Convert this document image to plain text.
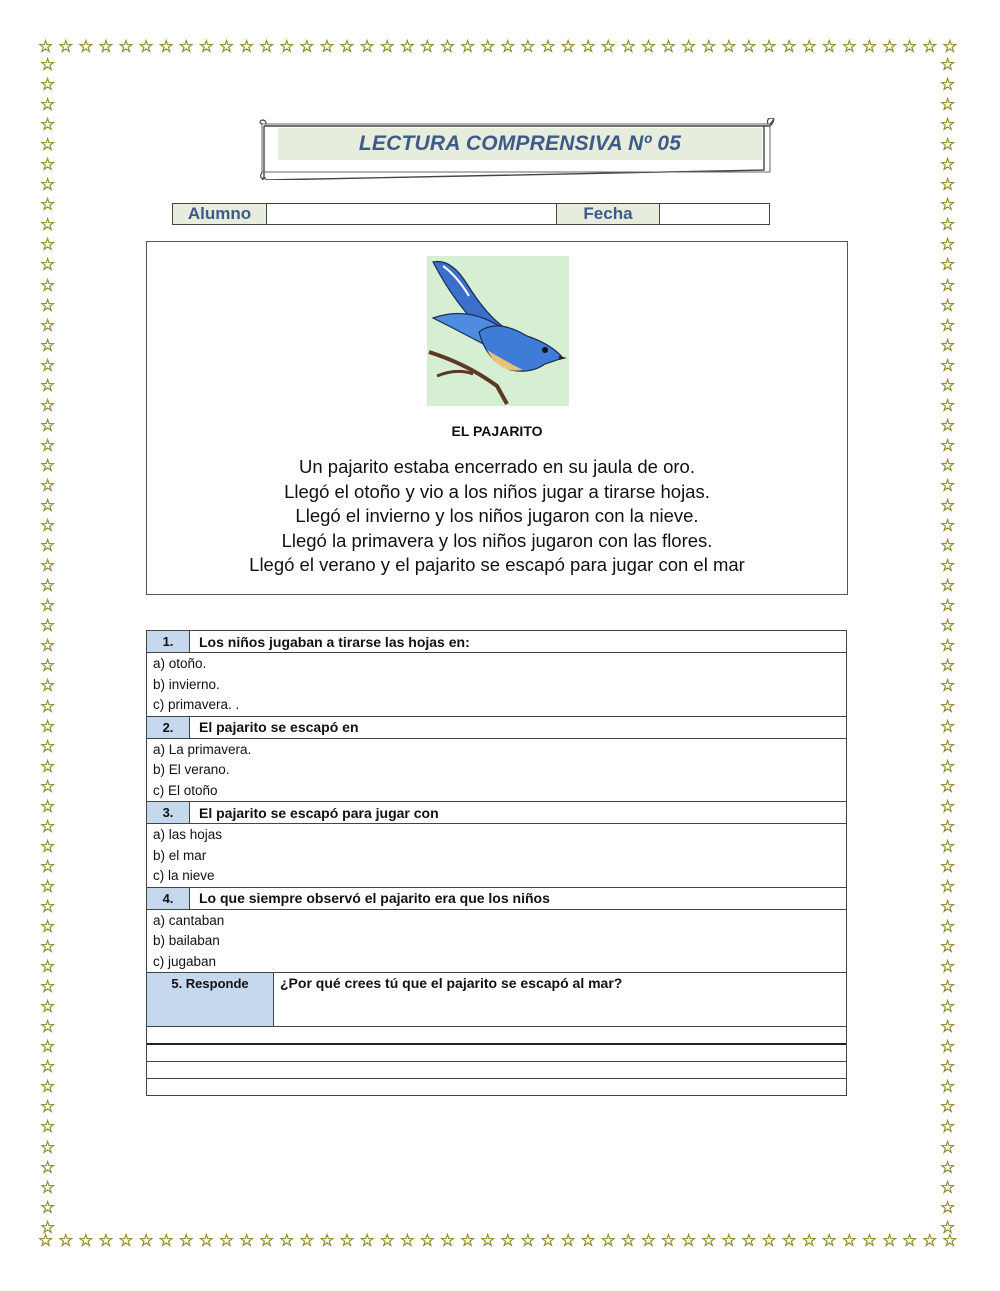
☆ ☆ ☆ ☆ ☆ ☆ ☆ ☆ ☆ ☆ ☆ ☆ ☆ ☆ ☆ ☆ ☆ ☆ ☆ ☆ ☆ ☆ ☆ ☆ ☆ ☆ ☆ ☆ ☆ ☆ ☆ ☆ ☆ ☆ ☆ ☆ ☆ ☆ ☆ ☆ ☆ ☆ ☆ ☆ ☆ ☆
☆ ☆ ☆ ☆ ☆ ☆ ☆ ☆ ☆ ☆ ☆ ☆ ☆ ☆ ☆ ☆ ☆ ☆ ☆ ☆ ☆ ☆ ☆ ☆ ☆ ☆ ☆ ☆ ☆ ☆ ☆ ☆ ☆ ☆ ☆ ☆ ☆ ☆ ☆ ☆ ☆ ☆ ☆ ☆ ☆ ☆
☆
☆
☆
☆
☆
☆
☆
☆
☆
☆
☆
☆
☆
☆
☆
☆
☆
☆
☆
☆
☆
☆
☆
☆
☆
☆
☆
☆
☆
☆
☆
☆
☆
☆
☆
☆
☆
☆
☆
☆
☆
☆
☆
☆
☆
☆
☆
☆
☆
☆
☆
☆
☆
☆
☆
☆
☆
☆
☆
☆
☆
☆
☆
☆
☆
☆
☆
☆
☆
☆
☆
☆
☆
☆
☆
☆
☆
☆
☆
☆
☆
☆
☆
☆
☆
☆
☆
☆
☆
☆
☆
☆
☆
☆
☆
☆
☆
☆
☆
☆
☆
☆
☆
☆
☆
☆
☆
☆
☆
☆
☆
☆
☆
☆
☆
☆
☆
☆
LECTURA COMPRENSIVA Nº 05
Alumno	Fecha
EL PAJARITO
Un pajarito estaba encerrado en su jaula de oro.
Llegó el otoño y vio a los niños jugar a tirarse hojas.
Llegó el invierno y los niños jugaron con la nieve.
Llegó la primavera y los niños jugaron con las flores.
Llegó el verano y el pajarito se escapó para jugar con el mar
1.	Los niños jugaban a tirarse las hojas en:
a) otoño.
b) invierno.
c) primavera. .
2.	El pajarito se escapó en
a) La primavera.
b) El verano.
c) El otoño
3.	El pajarito se escapó para jugar con
a) las hojas
b) el mar
c) la nieve
4.	Lo que siempre observó el pajarito era que los niños
a) cantaban
b) bailaban
c) jugaban
5. Responde	¿Por qué crees tú que el pajarito se escapó al mar?
